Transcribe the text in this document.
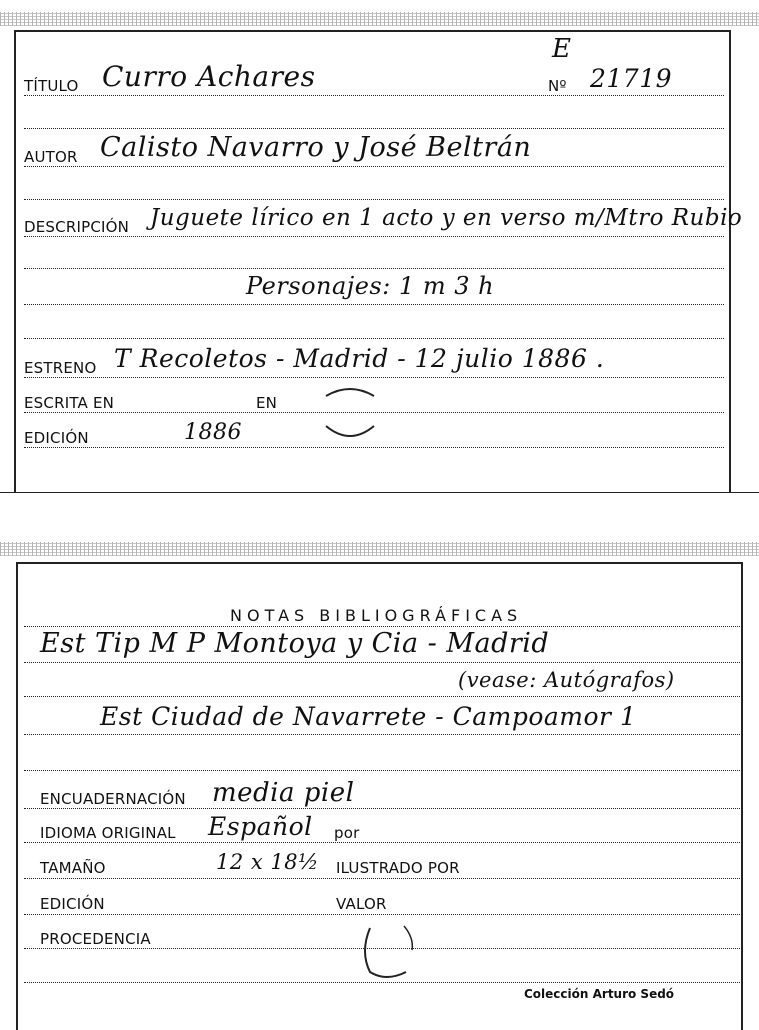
E
TÍTULO Curro Achares	Nº 21719
AUTOR Calisto Navarro y José Beltrán
DESCRIPCIÓN Juguete lírico en 1 acto y en verso m/Mtro Rubio
Personajes: 1 m 3 h
ESTRENO T Recoletos - Madrid - 12 julio 1886 .
ESCRITA EN	EN
EDICIÓN	1886
NOTAS BIBLIOGRÁFICAS
Est Tip M P Montoya y Cia - Madrid
(vease: Autógrafos)
Est Ciudad de Navarrete - Campoamor 1
ENCUADERNACIÓN media piel
IDIOMA ORIGINAL Español por
TAMAÑO	12 x 18½ ILUSTRADO POR
EDICIÓN	VALOR
PROCEDENCIA
Colección Arturo Sedó
